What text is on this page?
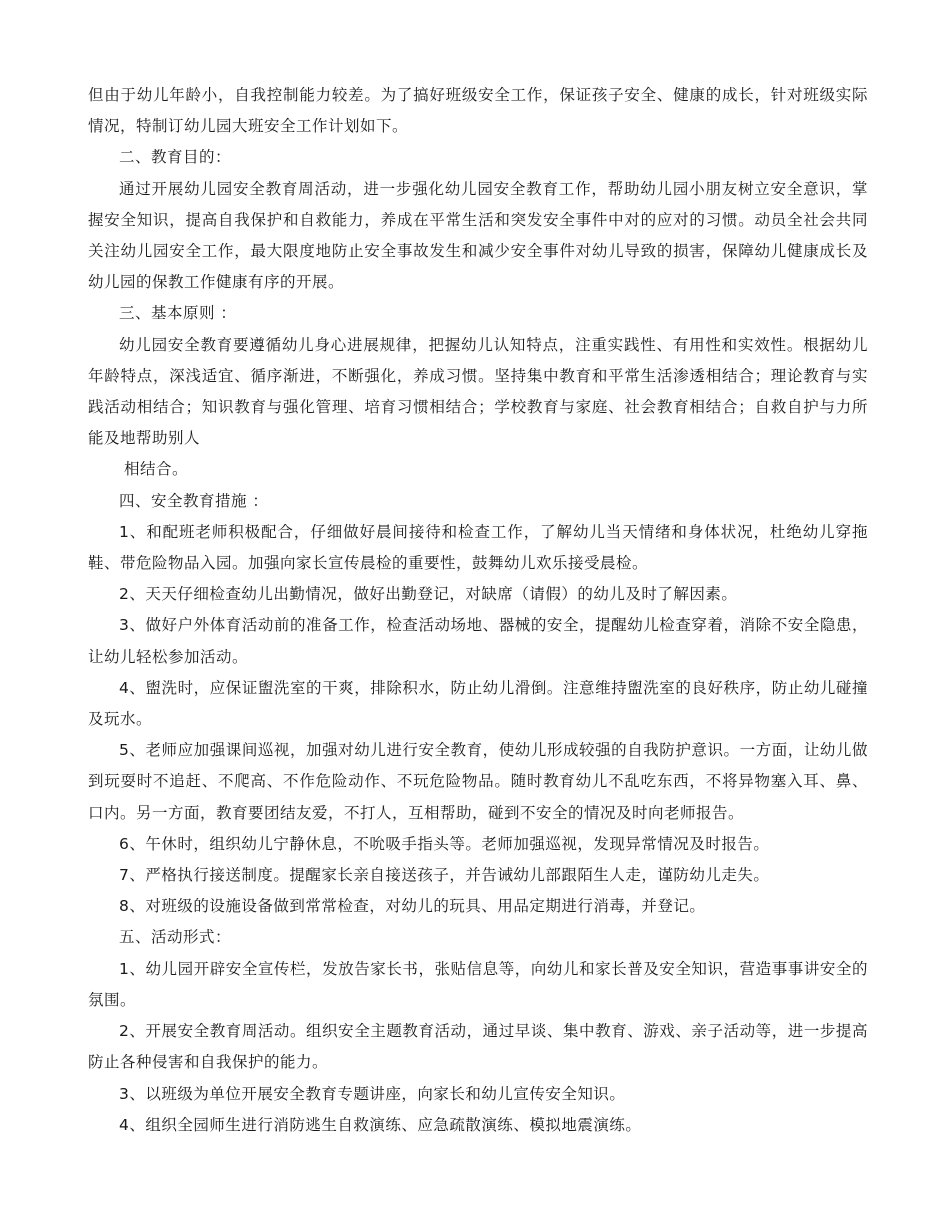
但由于幼儿年龄小，自我控制能力较差。为了搞好班级安全工作，保证孩子安全、健康的成长，针对班级实际情况，特制订幼儿园大班安全工作计划如下。

二、教育目的：

通过开展幼儿园安全教育周活动，进一步强化幼儿园安全教育工作，帮助幼儿园小朋友树立安全意识，掌握安全知识，提高自我保护和自救能力，养成在平常生活和突发安全事件中对的应对的习惯。动员全社会共同关注幼儿园安全工作，最大限度地防止安全事故发生和减少安全事件对幼儿导致的损害，保障幼儿健康成长及幼儿园的保教工作健康有序的开展。

三、基本原则 ：

幼儿园安全教育要遵循幼儿身心进展规律，把握幼儿认知特点，注重实践性、有用性和实效性。根据幼儿年龄特点，深浅适宜、循序渐进，不断强化，养成习惯。坚持集中教育和平常生活渗透相结合；理论教育与实践活动相结合；知识教育与强化管理、培育习惯相结合；学校教育与家庭、社会教育相结合；自救自护与力所能及地帮助别人

相结合。

四、安全教育措施 ：

1、和配班老师积极配合，仔细做好晨间接待和检查工作，了解幼儿当天情绪和身体状况，杜绝幼儿穿拖鞋、带危险物品入园。加强向家长宣传晨检的重要性，鼓舞幼儿欢乐接受晨检。

2、天天仔细检查幼儿出勤情况，做好出勤登记，对缺席（请假）的幼儿及时了解因素。

3、做好户外体育活动前的准备工作，检查活动场地、器械的安全，提醒幼儿检查穿着，消除不安全隐患，让幼儿轻松参加活动。

4、盥洗时，应保证盥洗室的干爽，排除积水，防止幼儿滑倒。注意维持盥洗室的良好秩序，防止幼儿碰撞及玩水。

5、老师应加强课间巡视，加强对幼儿进行安全教育，使幼儿形成较强的自我防护意识。一方面，让幼儿做到玩耍时不追赶、不爬高、不作危险动作、不玩危险物品。随时教育幼儿不乱吃东西，不将异物塞入耳、鼻、口内。另一方面，教育要团结友爱，不打人，互相帮助，碰到不安全的情况及时向老师报告。

6、午休时，组织幼儿宁静休息，不吮吸手指头等。老师加强巡视，发现异常情况及时报告。

7、严格执行接送制度。提醒家长亲自接送孩子，并告诫幼儿部跟陌生人走，谨防幼儿走失。

8、对班级的设施设备做到常常检查，对幼儿的玩具、用品定期进行消毒，并登记。

五、活动形式：

1、幼儿园开辟安全宣传栏，发放告家长书，张贴信息等，向幼儿和家长普及安全知识，营造事事讲安全的氛围。

2、开展安全教育周活动。组织安全主题教育活动，通过早谈、集中教育、游戏、亲子活动等，进一步提高防止各种侵害和自我保护的能力。

3、以班级为单位开展安全教育专题讲座，向家长和幼儿宣传安全知识。

4、组织全园师生进行消防逃生自救演练、应急疏散演练、模拟地震演练。
